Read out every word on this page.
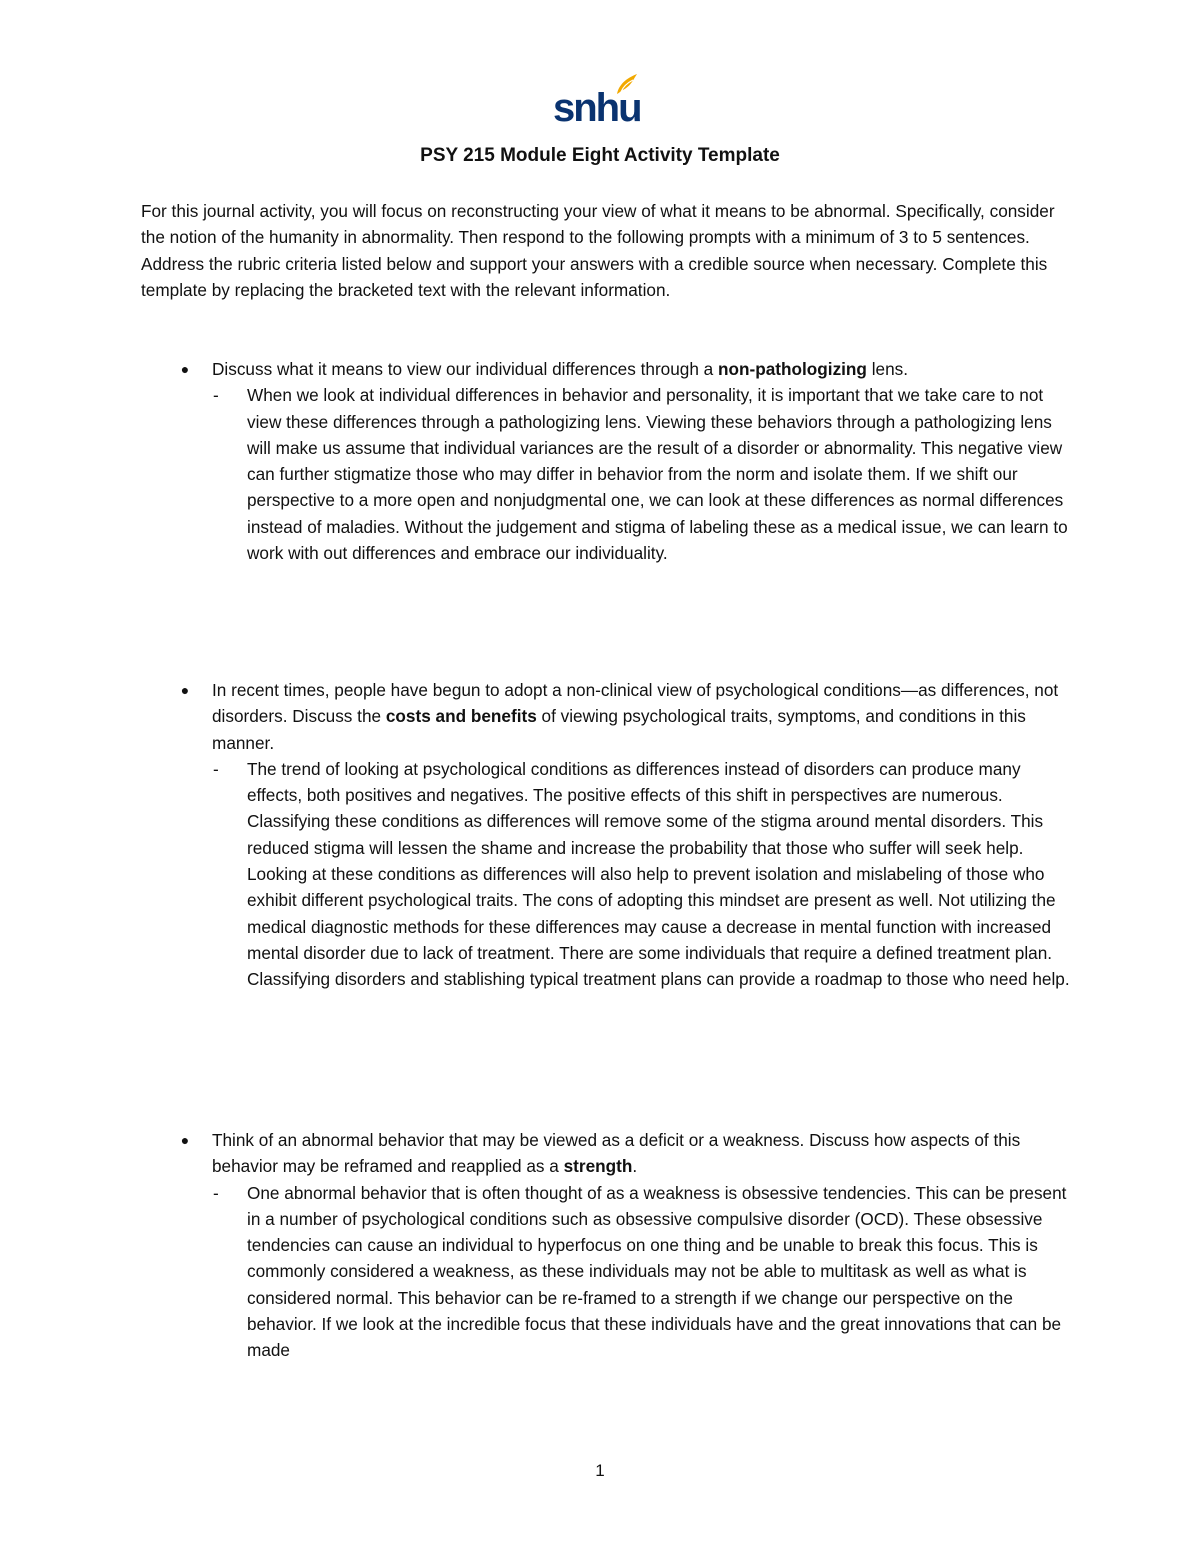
snhu
PSY 215 Module Eight Activity Template

For this journal activity, you will focus on reconstructing your view of what it means to be abnormal. Specifically, consider the notion of the humanity in abnormality. Then respond to the following prompts with a minimum of 3 to 5 sentences. Address the rubric criteria listed below and support your answers with a credible source when necessary. Complete this template by replacing the bracketed text with the relevant information.

●	Discuss what it means to view our individual differences through a non-pathologizing lens.
- When we look at individual differences in behavior and personality, it is important that we take care to not view these differences through a pathologizing lens. Viewing these behaviors through a pathologizing lens will make us assume that individual variances are the result of a disorder or abnormality. This negative view can further stigmatize those who may differ in behavior from the norm and isolate them. If we shift our perspective to a more open and nonjudgmental one, we can look at these differences as normal differences instead of maladies. Without the judgement and stigma of labeling these as a medical issue, we can learn to work with out differences and embrace our individuality.
●	In recent times, people have begun to adopt a non-clinical view of psychological conditions—as differences, not disorders. Discuss the costs and benefits of viewing psychological traits, symptoms, and conditions in this manner.
- The trend of looking at psychological conditions as differences instead of disorders can produce many effects, both positives and negatives. The positive effects of this shift in perspectives are numerous. Classifying these conditions as differences will remove some of the stigma around mental disorders. This reduced stigma will lessen the shame and increase the probability that those who suffer will seek help. Looking at these conditions as differences will also help to prevent isolation and mislabeling of those who exhibit different psychological traits. The cons of adopting this mindset are present as well. Not utilizing the medical diagnostic methods for these differences may cause a decrease in mental function with increased mental disorder due to lack of treatment. There are some individuals that require a defined treatment plan. Classifying disorders and stablishing typical treatment plans can provide a roadmap to those who need help.
●	Think of an abnormal behavior that may be viewed as a deficit or a weakness. Discuss how aspects of this behavior may be reframed and reapplied as a strength.
- One abnormal behavior that is often thought of as a weakness is obsessive tendencies. This can be present in a number of psychological conditions such as obsessive compulsive disorder (OCD). These obsessive tendencies can cause an individual to hyperfocus on one thing and be unable to break this focus. This is commonly considered a weakness, as these individuals may not be able to multitask as well as what is considered normal. This behavior can be re-framed to a strength if we change our perspective on the behavior. If we look at the incredible focus that these individuals have and the great innovations that can be made
1
